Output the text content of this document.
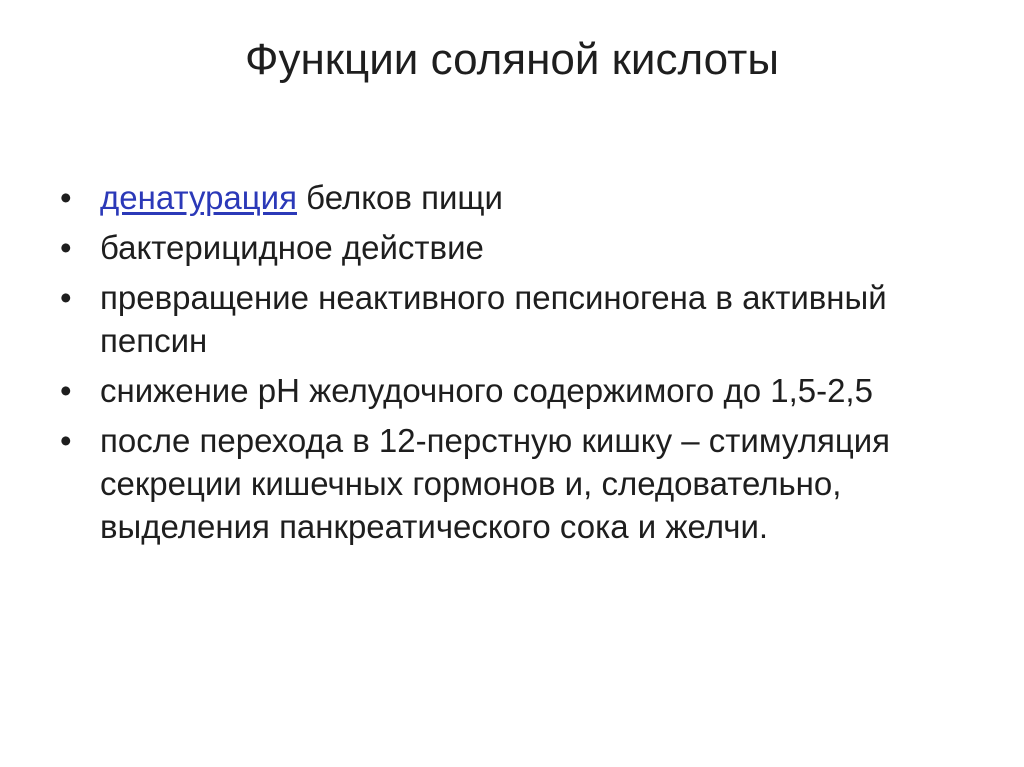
Функции соляной кислоты
• денатурация белков пищи
• бактерицидное действие
• превращение неактивного пепсиногена в активный пепсин
• снижение рН желудочного содержимого до 1,5-2,5
• после перехода в 12-перстную кишку – стимуляция секреции кишечных гормонов и, следовательно, выделения панкреатического сока и желчи.
